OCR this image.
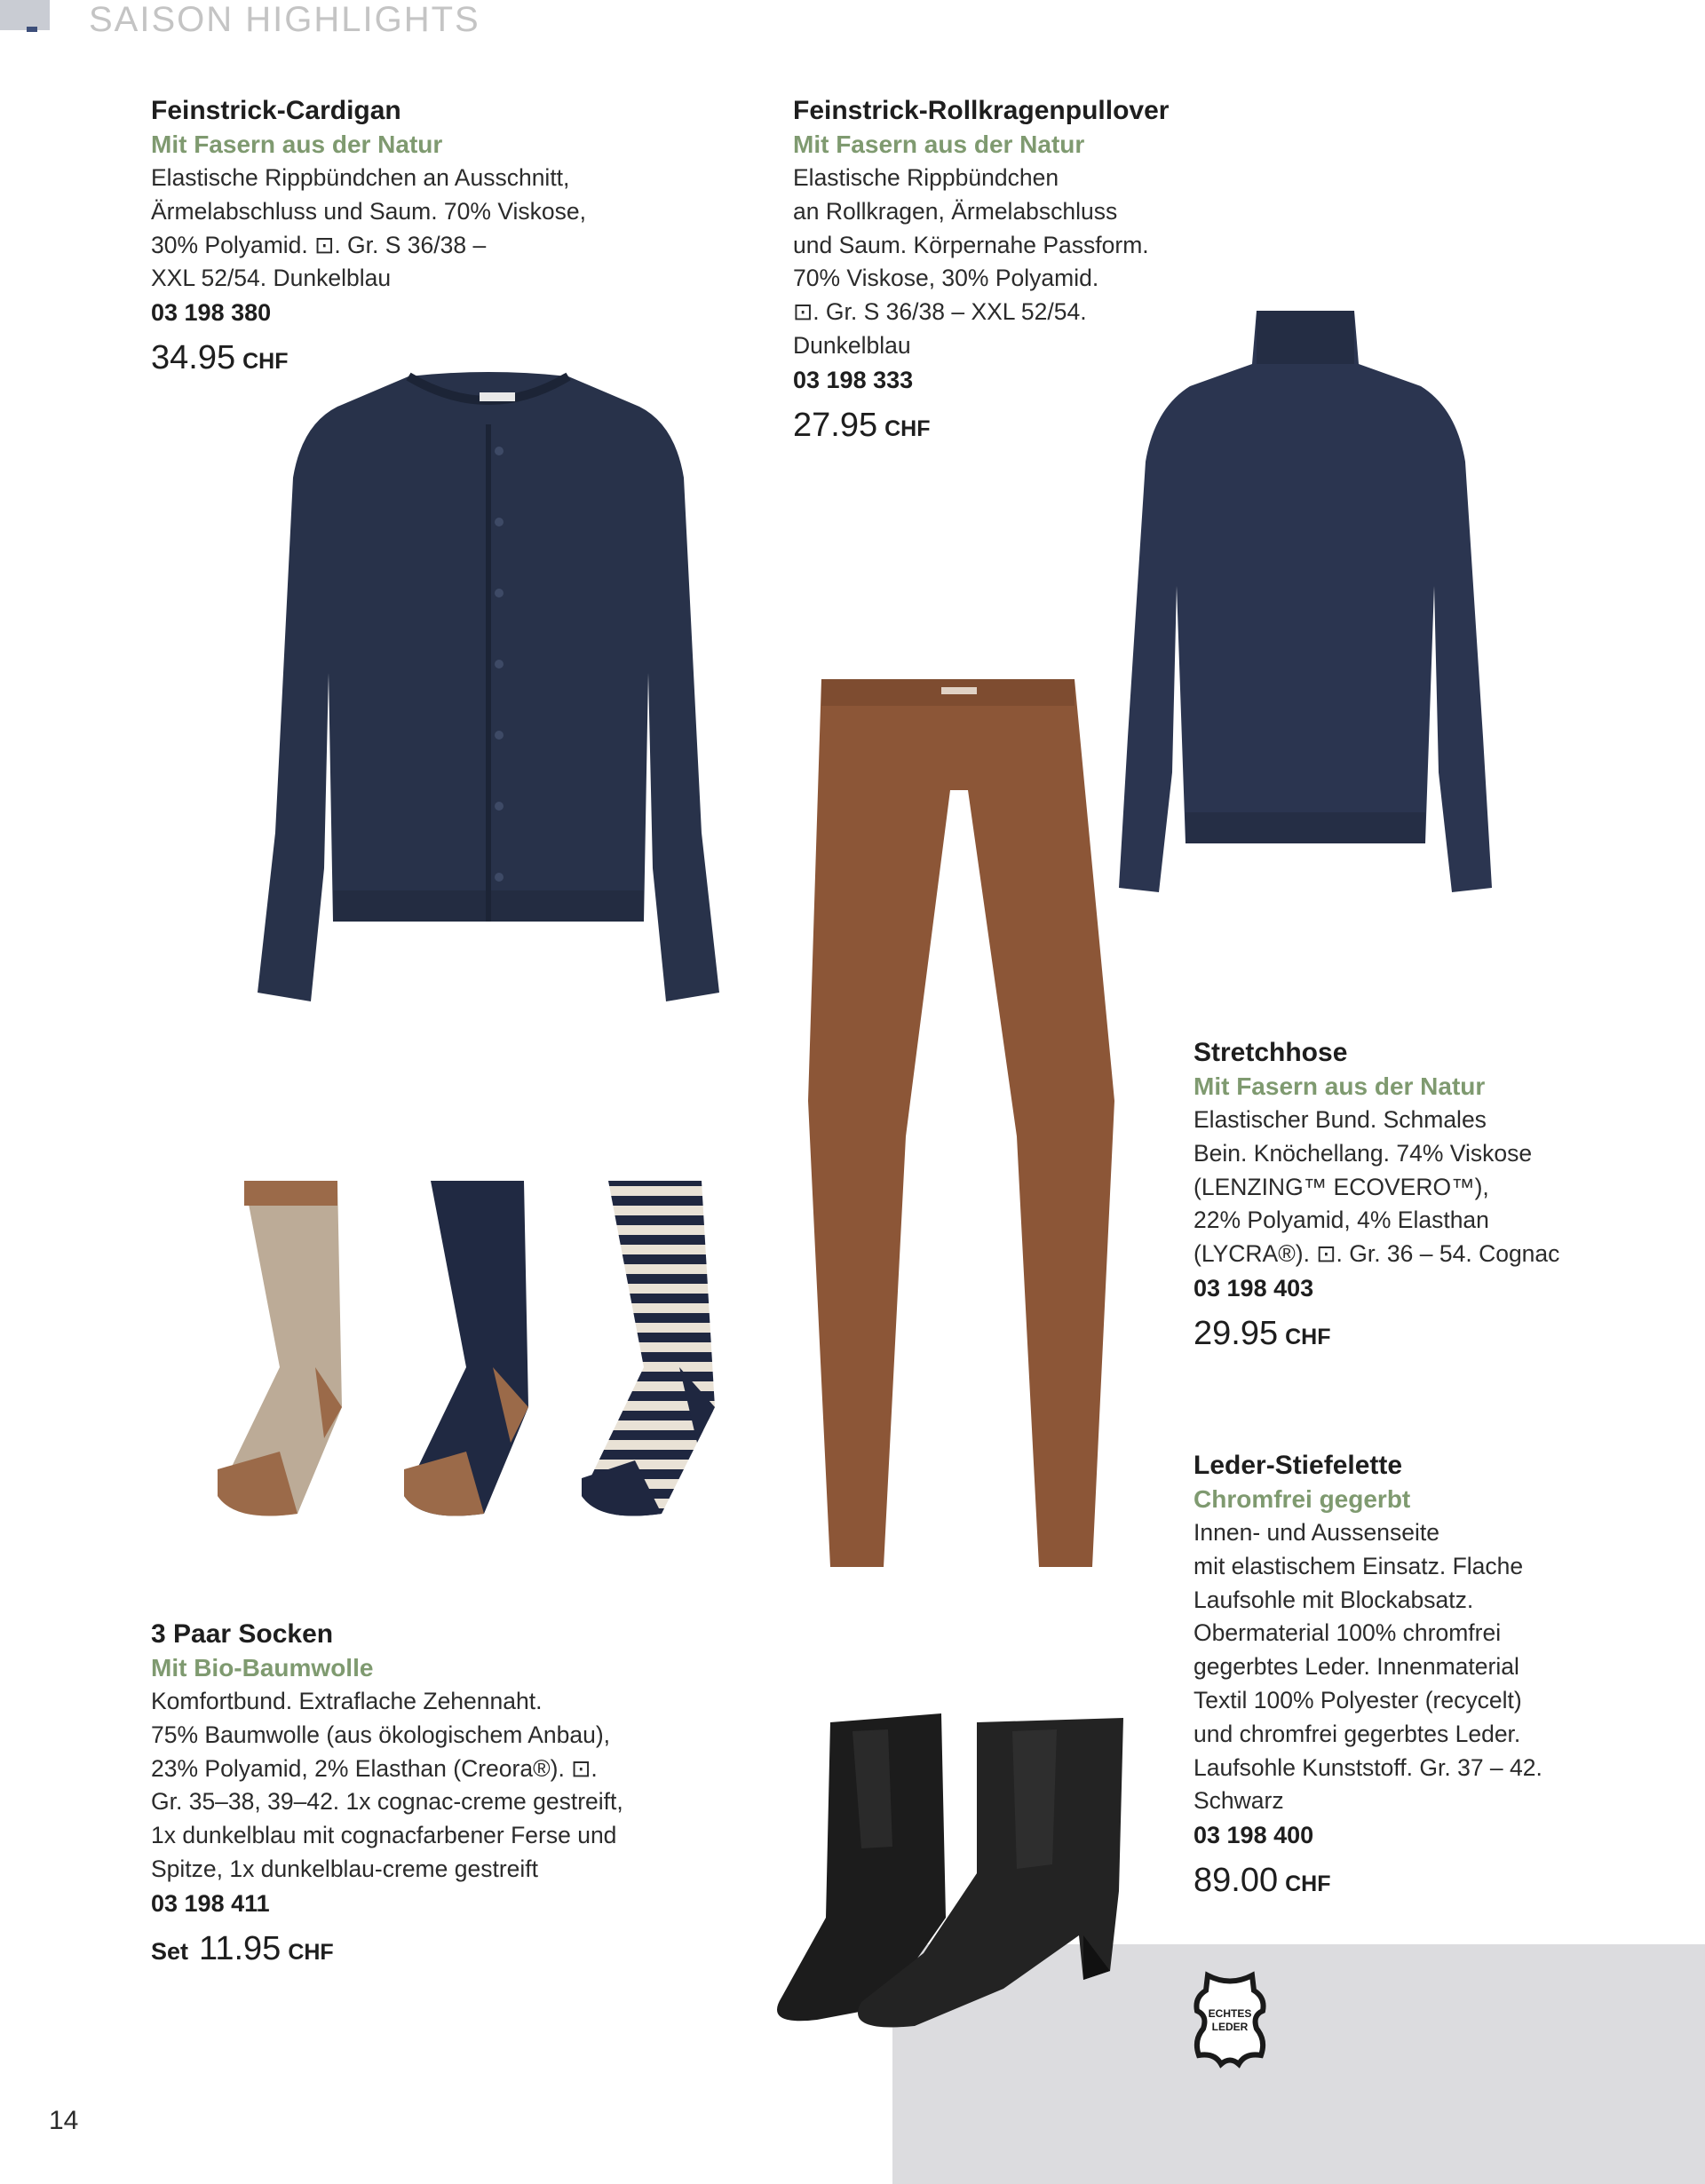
SAISON HIGHLIGHTS
Feinstrick-Cardigan
Mit Fasern aus der Natur
Elastische Rippbündchen an Ausschnitt,
Ärmelabschluss und Saum. 70% Viskose,
30% Polyamid. ⊡. Gr. S 36/38 –
XXL 52/54. Dunkelblau
03 198 380
34.95 CHF
Feinstrick-Rollkragenpullover
Mit Fasern aus der Natur
Elastische Rippbündchen
an Rollkragen, Ärmelabschluss
und Saum. Körpernahe Passform.
70% Viskose, 30% Polyamid.
⊡. Gr. S 36/38 – XXL 52/54.
Dunkelblau
03 198 333
27.95 CHF
Stretchhose
Mit Fasern aus der Natur
Elastischer Bund. Schmales
Bein. Knöchellang. 74% Viskose
(LENZING™ ECOVERO™),
22% Polyamid, 4% Elasthan
(LYCRA®). ⊡. Gr. 36 – 54. Cognac
03 198 403
29.95 CHF
3 Paar Socken
Mit Bio-Baumwolle
Komfortbund. Extraflache Zehennaht.
75% Baumwolle (aus ökologischem Anbau),
23% Polyamid, 2% Elasthan (Creora®). ⊡.
Gr. 35–38, 39–42. 1x cognac-creme gestreift,
1x dunkelblau mit cognacfarbener Ferse und
Spitze, 1x dunkelblau-creme gestreift
03 198 411
Set 11.95 CHF
Leder-Stiefelette
Chromfrei gegerbt
Innen- und Aussenseite
mit elastischem Einsatz. Flache
Laufsohle mit Blockabsatz.
Obermaterial 100% chromfrei
gegerbtes Leder. Innenmaterial
Textil 100% Polyester (recycelt)
und chromfrei gegerbtes Leder.
Laufsohle Kunststoff. Gr. 37 – 42.
Schwarz
03 198 400
89.00 CHF
ECHTES
LEDER
14
